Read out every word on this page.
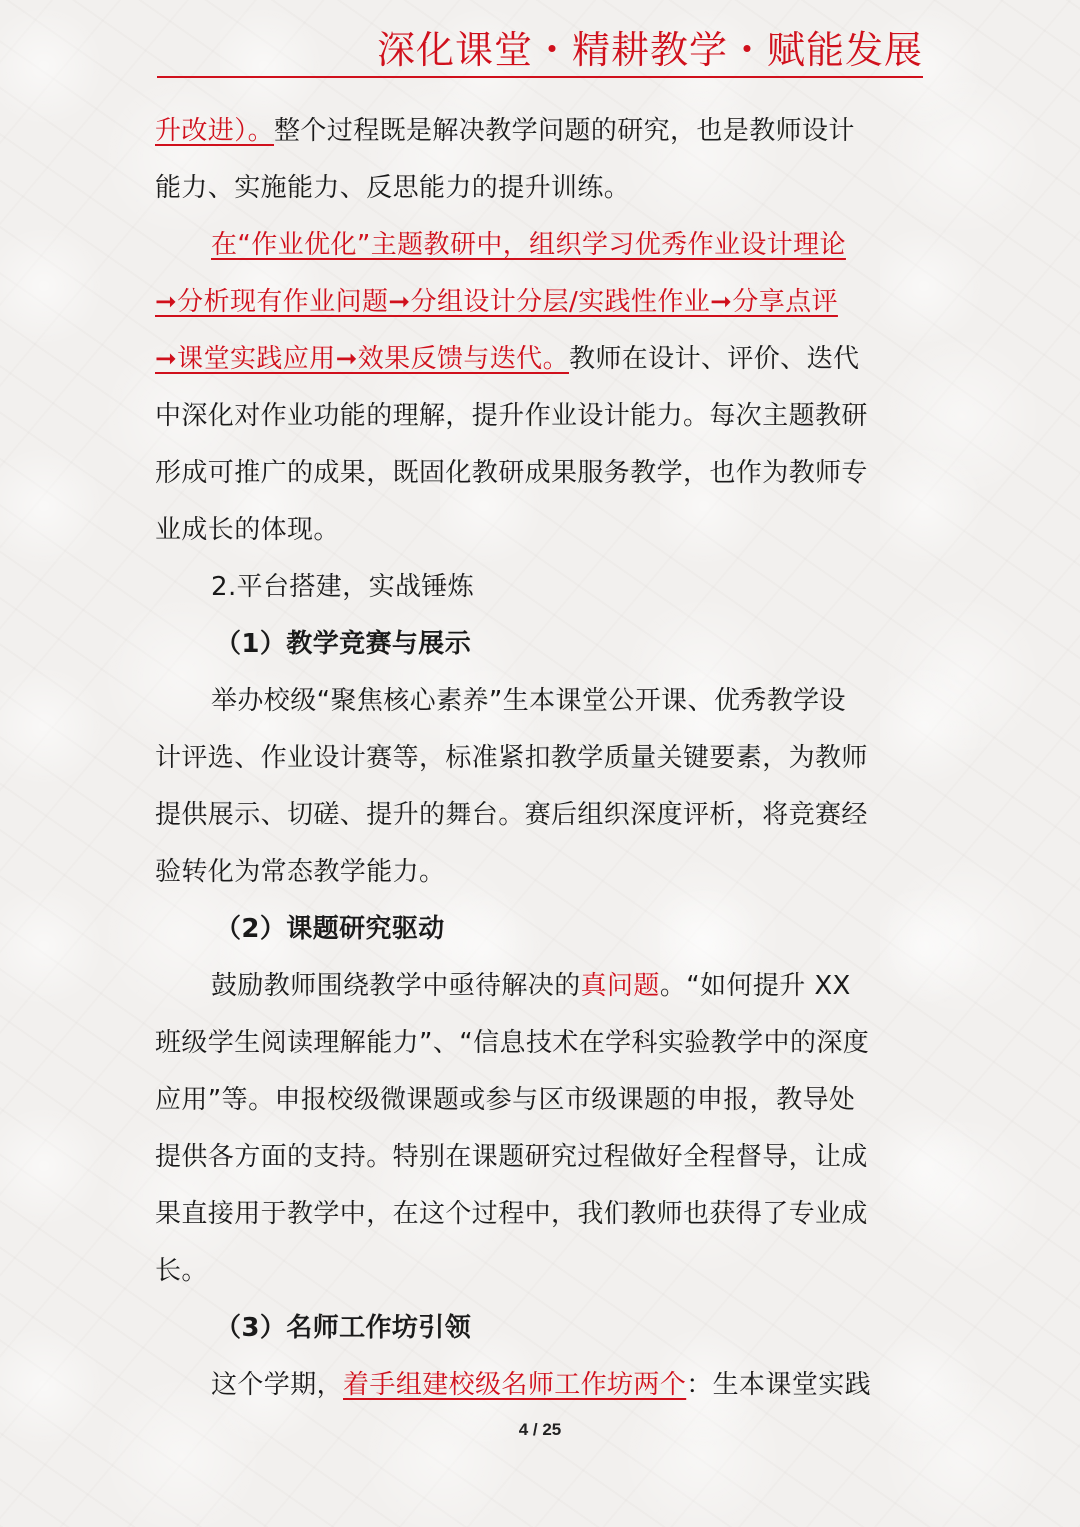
深化课堂・精耕教学・赋能发展
升改进）。整个过程既是解决教学问题的研究，也是教师设计
能力、实施能力、反思能力的提升训练。
在“作业优化”主题教研中，组织学习优秀作业设计理论
➞分析现有作业问题➞分组设计分层/实践性作业➞分享点评
➞课堂实践应用➞效果反馈与迭代。教师在设计、评价、迭代
中深化对作业功能的理解，提升作业设计能力。每次主题教研
形成可推广的成果，既固化教研成果服务教学，也作为教师专
业成长的体现。
2.平台搭建，实战锤炼
（1）教学竞赛与展示
举办校级“聚焦核心素养”生本课堂公开课、优秀教学设
计评选、作业设计赛等，标准紧扣教学质量关键要素，为教师
提供展示、切磋、提升的舞台。赛后组织深度评析，将竞赛经
验转化为常态教学能力。
（2）课题研究驱动
鼓励教师围绕教学中亟待解决的真问题。“如何提升 XX
班级学生阅读理解能力”、“信息技术在学科实验教学中的深度
应用”等。申报校级微课题或参与区市级课题的申报，教导处
提供各方面的支持。特别在课题研究过程做好全程督导，让成
果直接用于教学中，在这个过程中，我们教师也获得了专业成
长。
（3）名师工作坊引领
这个学期，着手组建校级名师工作坊两个：生本课堂实践
4 / 25
